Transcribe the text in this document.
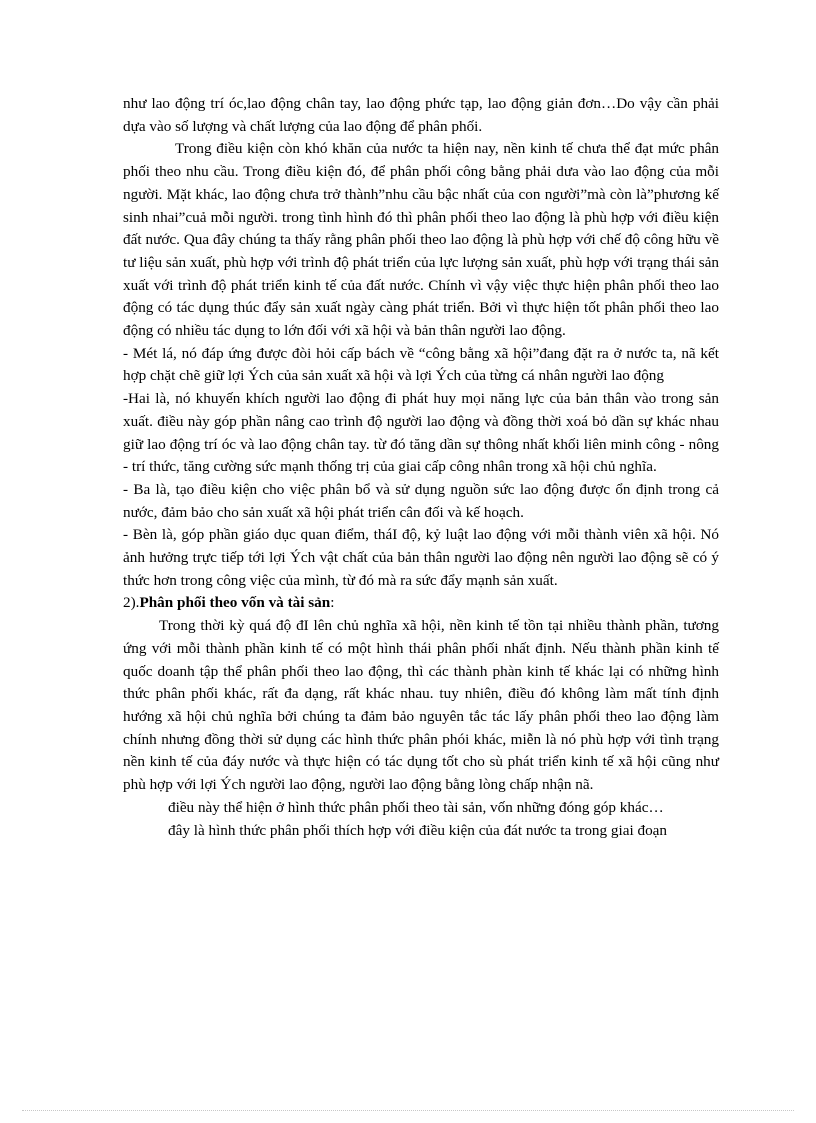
như lao động trí óc,lao động chân tay, lao động phức tạp, lao động giản đơn…Do vậy cần phải dựa vào số lượng và chất lượng của lao động để phân phối.

Trong điều kiện còn khó khăn của nước ta hiện nay, nền kinh tế chưa thể đạt mức phân phối theo nhu cầu. Trong điều kiện đó, để phân phối công bằng phải dưa vào lao động của mỗi người. Mặt khác, lao động chưa trở thành”nhu cầu bậc nhất của con người”mà còn là”phương kế sinh nhai”cuả mỗi người. trong tình hình đó thì phân phối theo lao động là phù hợp với điều kiện đất nước. Qua đây chúng ta thấy rằng phân phối theo lao động là phù hợp với chế độ công hữu về tư liệu sản xuất, phù hợp với trình độ phát triển của lực lượng sản xuất, phù hợp với trạng thái sản xuất với trình độ phát triển kinh tế của đất nước. Chính vì vậy việc thực hiện phân phối theo lao động có tác dụng thúc đẩy sản xuất ngày càng phát triển. Bởi vì thực hiện tốt phân phối theo lao động có nhiều tác dụng to lớn đối với xã hội và bản thân người lao động.

- Mét lá, nó đáp ứng được đòi hỏi cấp bách về “công bằng xã hội”đang đặt ra ở nước ta, nã kết hợp chặt chẽ giữ lợi Ých của sản xuất xã hội và lợi Ých của từng cá nhân người lao động

-Hai là, nó khuyến khích người lao động đi phát huy mọi năng lực của bản thân vào trong sản xuất. điều này góp phần nâng cao trình độ người lao động và đồng thời xoá bỏ dần sự khác nhau giữ lao động trí óc và lao động chân tay. từ đó tăng dần sự thông nhất khối liên minh công - nông - trí thức, tăng cường sức mạnh thống trị của giai cấp công nhân trong xã hội chủ nghĩa.

- Ba là, tạo điều kiện cho việc phân bổ và sử dụng nguồn sức lao động được ổn định trong cả nước, đảm bảo cho sản xuất xã hội phát triển cân đối và kế hoạch.

- Bèn là, góp phần giáo dục quan điểm, tháI độ, kỷ luật lao động với mỗi thành viên xã hội. Nó ảnh hưởng trực tiếp tới lợi Ých vật chất của bản thân người lao động nên người lao động sẽ có ý thức hơn trong công việc của mình, từ đó mà ra sức đẩy mạnh sản xuất.

2).Phân phối theo vốn và tài sản:

Trong thời kỳ quá độ đI lên chủ nghĩa xã hội, nền kinh tế tồn tại nhiều thành phần, tương ứng với mỗi thành phần kinh tế có một hình thái phân phối nhất định. Nếu thành phần kinh tế quốc doanh tập thể phân phối theo lao động, thì các thành phàn kinh tế khác lại có những hình thức phân phối khác, rất đa dạng, rất khác nhau. tuy nhiên, điều đó không làm mất tính định hướng xã hội chủ nghĩa bởi chúng ta đảm bảo nguyên tắc tác lấy phân phối theo lao động làm chính nhưng đồng thời sử dụng các hình thức phân phói khác, miễn là nó phù hợp với tình trạng nền kinh tế của đáy nước và thực hiện có tác dụng tốt cho sù phát triển kinh tế xã hội cũng như phù hợp với lợi Ých người lao động, người lao động bằng lòng chấp nhận nã.

điều này thể hiện ở hình thức phân phối theo tài sản, vốn những đóng góp khác…

đây là hình thức phân phối thích hợp với điều kiện của đát nước ta trong giai đoạn
